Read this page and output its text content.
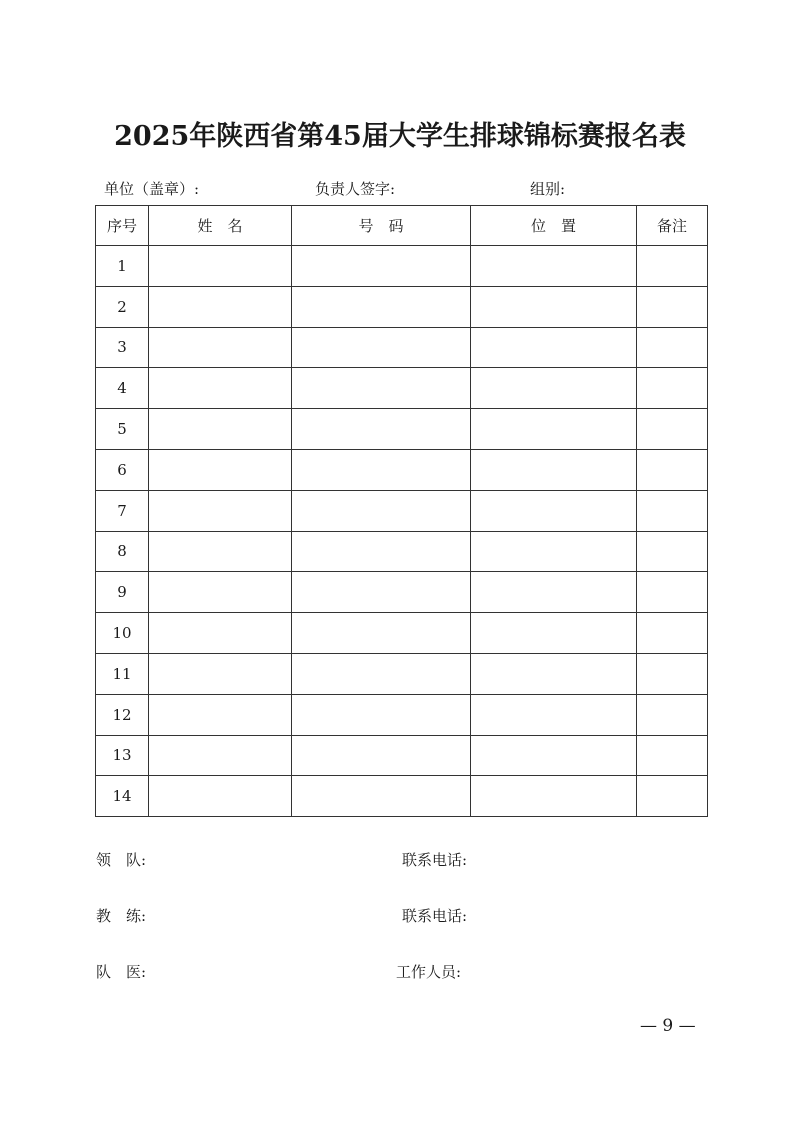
2025年陕西省第45届大学生排球锦标赛报名表
单位（盖章）:	负责人签字:	组别:
序号	姓　名	号　码	位　置	备注
1				
2				
3				
4				
5				
6				
7				
8				
9				
10				
11				
12				
13				
14				
领　队:	联系电话:
教　练:	联系电话:
队　医:	工作人员:
— 9 —
